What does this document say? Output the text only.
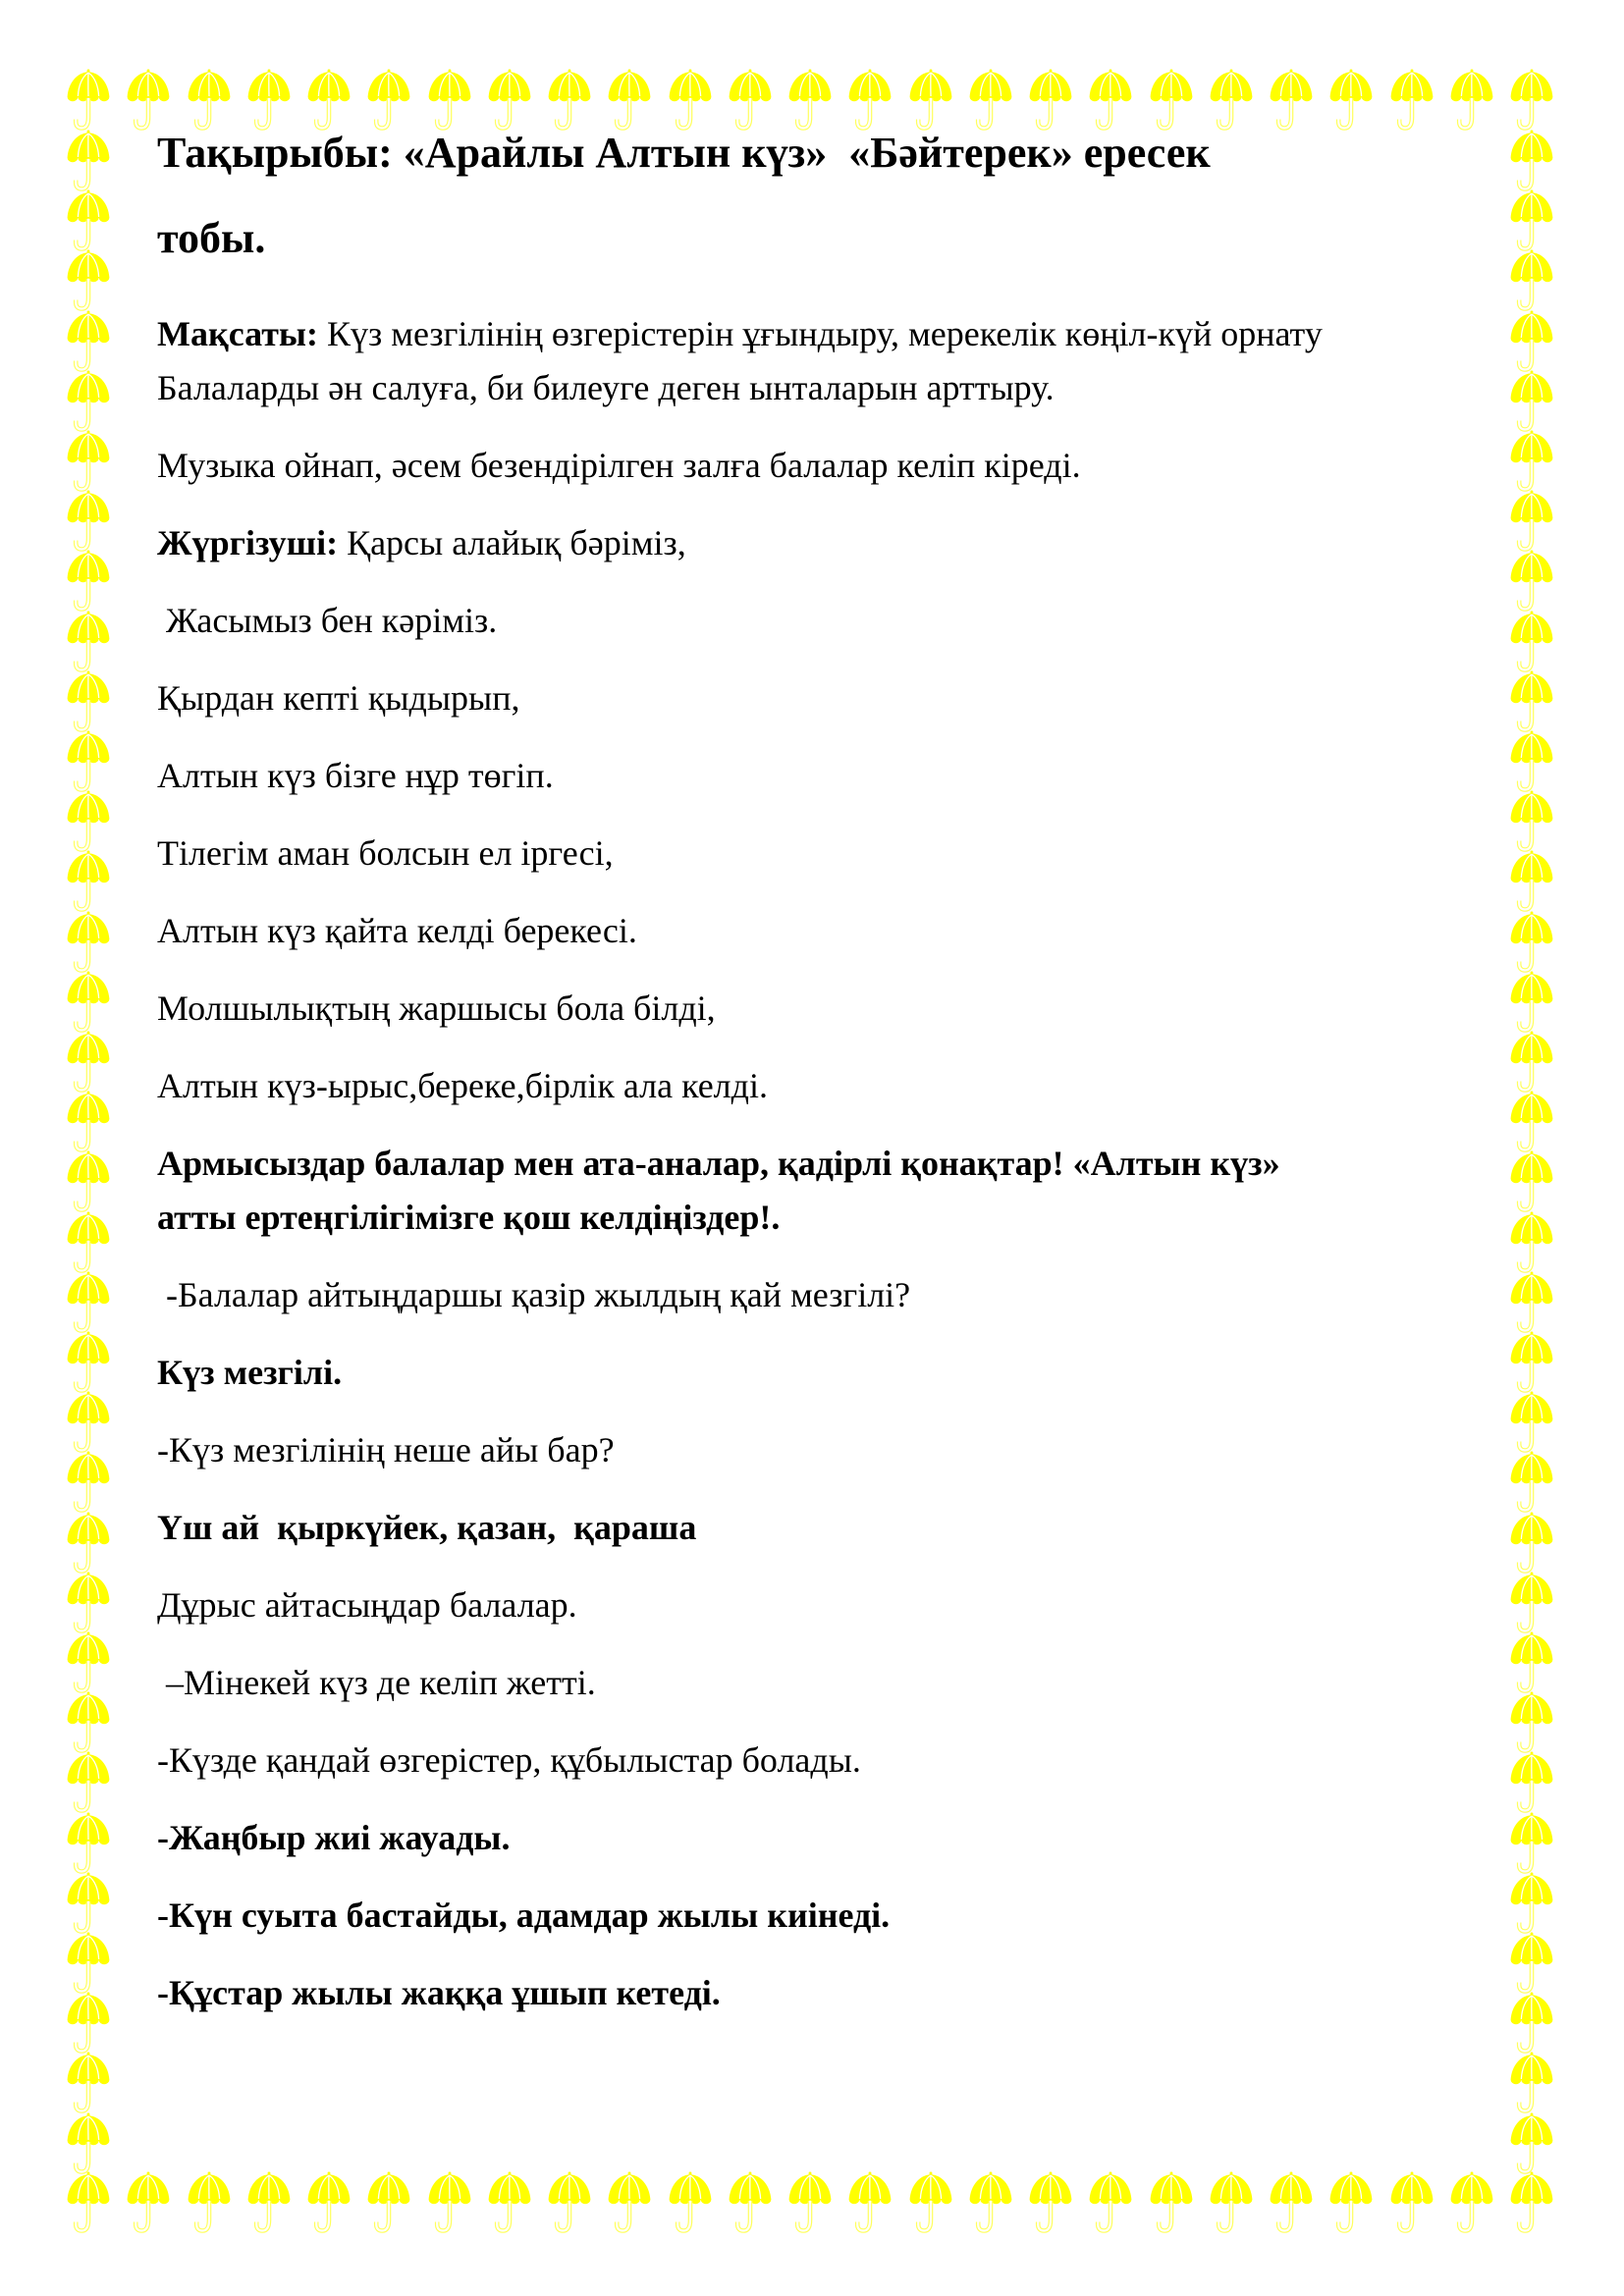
Тақырыбы: «Арайлы Алтын күз»  «Бәйтерек» ересек
тобы.
Мақсаты: Күз мезгілінің өзгерістерін ұғындыру, мерекелік көңіл-күй орнату
Балаларды ән салуға, би билеуге деген ынталарын арттыру.
Музыка ойнап, әсем безендірілген залға балалар келіп кіреді.
Жүргізуші: Қарсы алайық бәріміз,
Жасымыз бен кәріміз.
Қырдан кепті қыдырып,
Алтын күз бізге нұр төгіп.
Тілегім аман болсын ел іргесі,
Алтын күз қайта келді берекесі.
Молшылықтың жаршысы бола білді,
Алтын күз-ырыс,береке,бірлік ала келді.
Армысыздар балалар мен ата-аналар, қадірлі қонақтар! «Алтын күз»
атты ертеңгілігімізге қош келдіңіздер!.
-Балалар айтыңдаршы қазір жылдың қай мезгілі?
Күз мезгілі.
-Күз мезгілінің неше айы бар?
Үш ай  қыркүйек, қазан,  қараша
Дұрыс айтасыңдар балалар.
–Мінекей күз де келіп жетті.
-Күзде қандай өзгерістер, құбылыстар болады.
-Жаңбыр жиі жауады.
-Күн суыта бастайды, адамдар жылы киінеді.
-Құстар жылы жаққа ұшып кетеді.
